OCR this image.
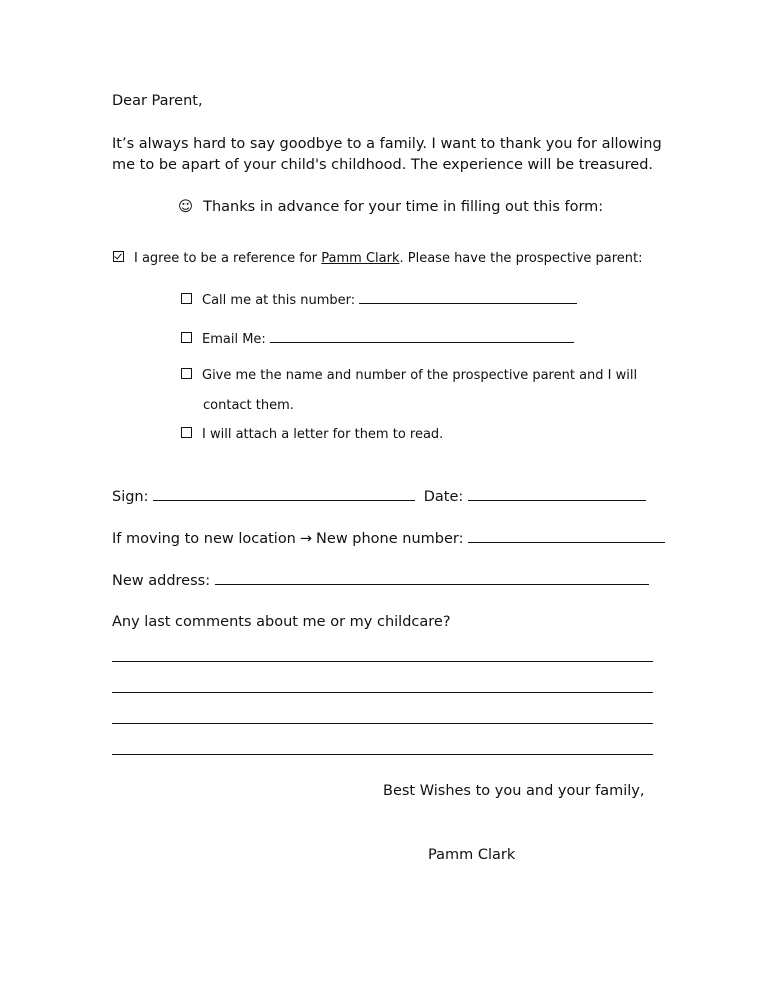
Dear Parent,
It’s always hard to say goodbye to a family. I want to thank you for allowing
me to be apart of your child's childhood. The experience will be treasured.
☺ Thanks in advance for your time in filling out this form:
I agree to be a reference for Pamm Clark. Please have the prospective parent:
Call me at this number:
Email Me:
Give me the name and number of the prospective parent and I will
contact them.
I will attach a letter for them to read.
Sign:	Date:
If moving to new location → New phone number:
New address:
Any last comments about me or my childcare?
Best Wishes to you and your family,
Pamm Clark
